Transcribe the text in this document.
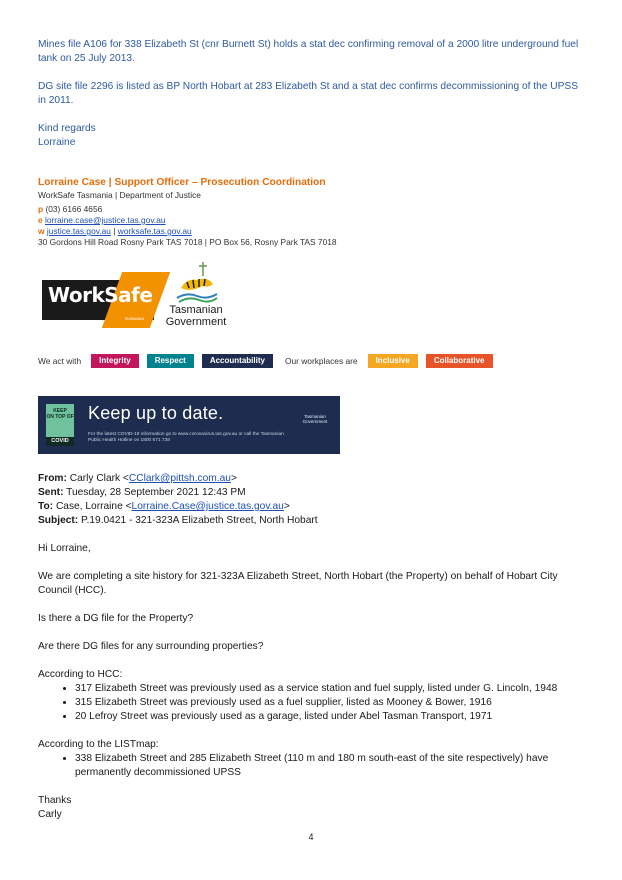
Mines file A106 for 338 Elizabeth St (cnr Burnett St) holds a stat dec confirming removal of a 2000 litre underground fuel tank on 25 July 2013.

DG site file 2296 is listed as BP North Hobart at 283 Elizabeth St and a stat dec confirms decommissioning of the UPSS in 2011.

Kind regards

Lorraine

Lorraine Case | Support Officer – Prosecution Coordination

WorkSafe Tasmania | Department of Justice
p (03) 6166 4656
e lorraine.case@justice.tas.gov.au
w justice.tas.gov.au | worksafe.tas.gov.au
30 Gordons Hill Road Rosny Park TAS 7018 | PO Box 56, Rosny Park TAS 7018
WorkSafe
TASMANIA
Tasmanian
Government
We act with	Integrity	Respect	Accountability	Our workplaces are	Inclusive	Collaborative
KEEP
ON TOP OF
COVID
Keep up to date.
For the latest COVID-19 information go to www.coronavirus.tas.gov.au or call the Tasmanian Public Health Hotline on 1800 671 738
Tasmanian Government
From: Carly Clark <CClark@pittsh.com.au>
Sent: Tuesday, 28 September 2021 12:43 PM
To: Case, Lorraine <Lorraine.Case@justice.tas.gov.au>
Subject: P.19.0421 - 321-323A Elizabeth Street, North Hobart

Hi Lorraine,

We are completing a site history for 321-323A Elizabeth Street, North Hobart (the Property) on behalf of Hobart City Council (HCC).

Is there a DG file for the Property?

Are there DG files for any surrounding properties?

According to HCC:

• 317 Elizabeth Street was previously used as a service station and fuel supply, listed under G. Lincoln, 1948
• 315 Elizabeth Street was previously used as a fuel supplier, listed as Mooney & Bower, 1916
• 20 Lefroy Street was previously used as a garage, listed under Abel Tasman Transport, 1971

According to the LISTmap:

• 338 Elizabeth Street and 285 Elizabeth Street (110 m and 180 m south-east of the site respectively) have permanently decommissioned UPSS

Thanks

Carly

4
